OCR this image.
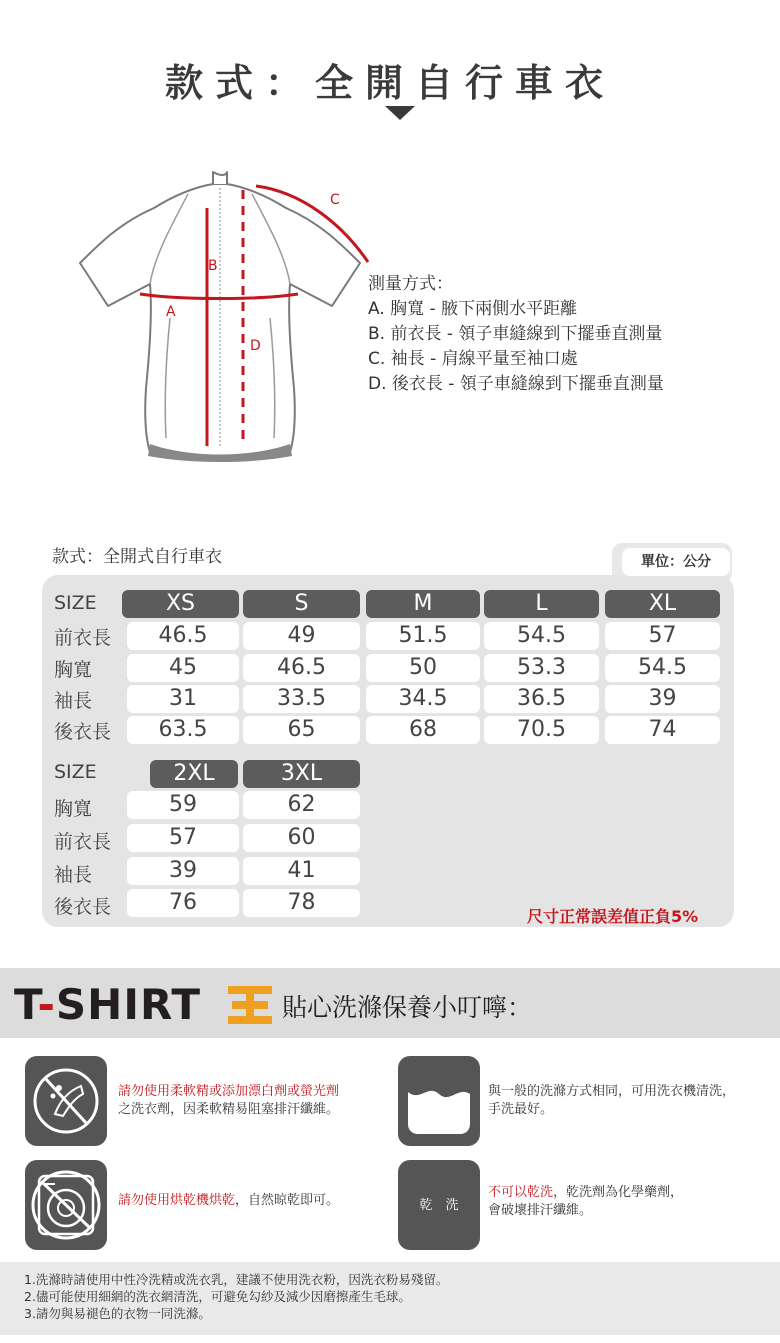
款式：全開自行車衣
A
B
C
D
測量方式：
A. 胸寬 - 腋下兩側水平距離
B. 前衣長 - 領子車縫線到下擺垂直測量
C. 袖長 - 肩線平量至袖口處
D. 後衣長 - 領子車縫線到下擺垂直測量
款式：全開式自行車衣	單位：公分
SIZE	XS	S	M	L	XL
前衣長	46.5	49	51.5	54.5	57
胸寬	45	46.5	50	53.3	54.5
袖長	31	33.5	34.5	36.5	39
後衣長	63.5	65	68	70.5	74
SIZE	2XL	3XL
胸寬	59	62
前衣長	57	60
袖長	39	41
後衣長	76	78
尺寸正常誤差值正負5%
T-SHIRT	貼心洗滌保養小叮嚀：
請勿使用柔軟精或添加漂白劑或螢光劑
之洗衣劑，因柔軟精易阻塞排汗纖維。
與一般的洗滌方式相同，可用洗衣機清洗，
手洗最好。
請勿使用烘乾機烘乾，自然晾乾即可。	乾　洗
不可以乾洗，乾洗劑為化學藥劑，
會破壞排汗纖維。
1.洗滌時請使用中性冷洗精或洗衣乳，建議不使用洗衣粉，因洗衣粉易殘留。
2.儘可能使用細網的洗衣網清洗，可避免勾紗及減少因磨擦產生毛球。
3.請勿與易褪色的衣物一同洗滌。
